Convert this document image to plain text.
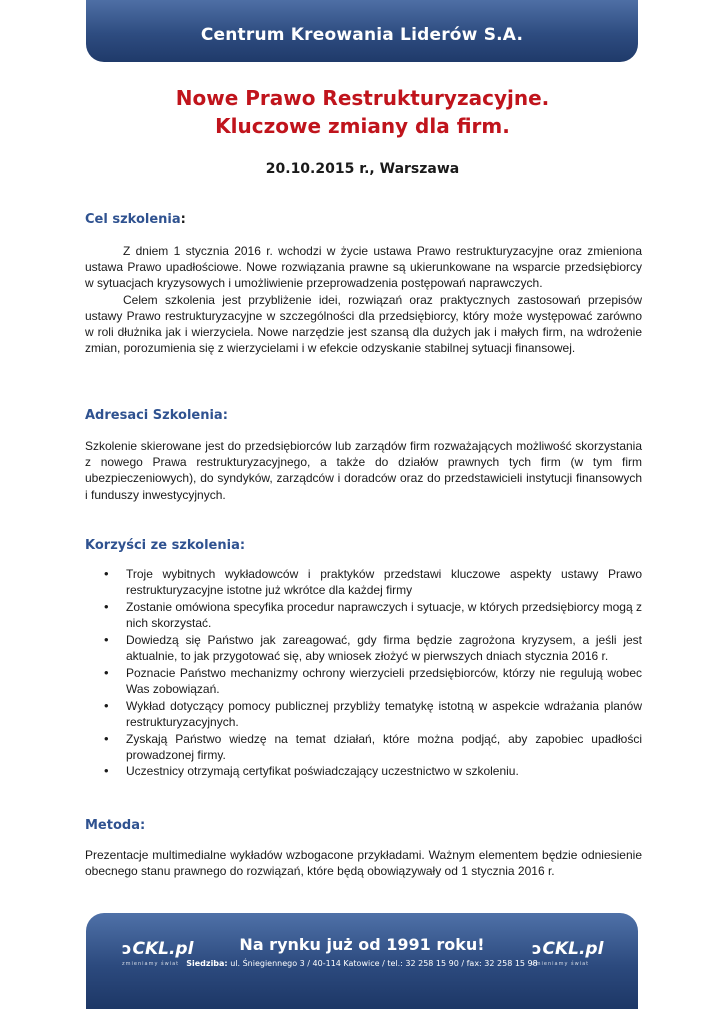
Centrum Kreowania Liderów S.A.
Nowe Prawo Restrukturyzacyjne.
Kluczowe zmiany dla firm.
20.10.2015 r., Warszawa
Cel szkolenia:
Z dniem 1 stycznia 2016 r. wchodzi w życie ustawa Prawo restrukturyzacyjne oraz zmieniona ustawa Prawo upadłościowe. Nowe rozwiązania prawne są ukierunkowane na wsparcie przedsiębiorcy w sytuacjach kryzysowych i umożliwienie przeprowadzenia postępowań naprawczych.
Celem szkolenia jest przybliżenie idei, rozwiązań oraz praktycznych zastosowań przepisów ustawy Prawo restrukturyzacyjne w szczególności dla przedsiębiorcy, który może występować zarówno w roli dłużnika jak i wierzyciela. Nowe narzędzie jest szansą dla dużych jak i małych firm, na wdrożenie zmian, porozumienia się z wierzycielami i w efekcie odzyskanie stabilnej sytuacji finansowej.
Adresaci Szkolenia:
Szkolenie skierowane jest do przedsiębiorców lub zarządów firm rozważających możliwość skorzystania z nowego Prawa restrukturyzacyjnego, a także do działów prawnych tych firm (w tym firm ubezpieczeniowych), do syndyków, zarządców i doradców oraz do przedstawicieli instytucji finansowych i funduszy inwestycyjnych.
Korzyści ze szkolenia:
• Troje wybitnych wykładowców i praktyków przedstawi kluczowe aspekty ustawy Prawo restrukturyzacyjne istotne już wkrótce dla każdej firmy
• Zostanie omówiona specyfika procedur naprawczych i sytuacje, w których przedsiębiorcy mogą z nich skorzystać.
• Dowiedzą się Państwo jak zareagować, gdy firma będzie zagrożona kryzysem, a jeśli jest aktualnie, to jak przygotować się, aby wniosek złożyć w pierwszych dniach stycznia 2016 r.
• Poznacie Państwo mechanizmy ochrony wierzycieli przedsiębiorców, którzy nie regulują wobec Was zobowiązań.
• Wykład dotyczący pomocy publicznej przybliży tematykę istotną w aspekcie wdrażania planów restrukturyzacyjnych.
• Zyskają Państwo wiedzę na temat działań, które można podjąć, aby zapobiec upadłości prowadzonej firmy.
• Uczestnicy otrzymają certyfikat poświadczający uczestnictwo w szkoleniu.
Metoda:
Prezentacje multimedialne wykładów wzbogacone przykładami. Ważnym elementem będzie odniesienie obecnego stanu prawnego do rozwiązań, które będą obowiązywały od 1 stycznia 2016 r.
ↄCKL.pl
zmieniamy świat
Na rynku już od 1991 roku!
Siedziba: ul. Śniegiennego 3 / 40-114 Katowice / tel.: 32 258 15 90 / fax: 32 258 15 98
ↄCKL.pl
zmieniamy świat
